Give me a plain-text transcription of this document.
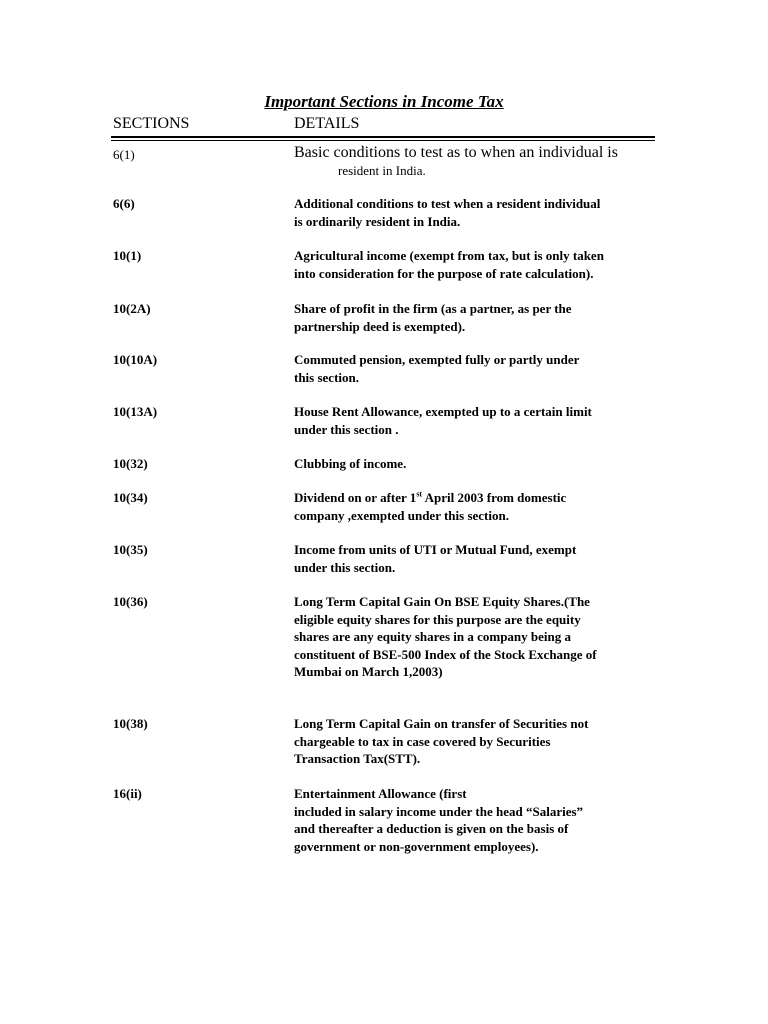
Important Sections in Income Tax
SECTIONS	DETAILS
6(1)	Basic conditions to test as to when an individual is
resident in India.
6(6)	Additional conditions to test when a resident individual
is ordinarily resident in India.
10(1)	Agricultural income (exempt from tax, but is only taken
into consideration for the purpose of rate calculation).
10(2A)	Share of profit in the firm (as a partner, as per the
partnership deed is exempted).
10(10A)	Commuted pension, exempted fully or partly under
this section.
10(13A)	House Rent Allowance, exempted up to a certain limit
under this section .
10(32)	Clubbing of income.
10(34)	Dividend on or after 1st April 2003 from domestic
company ,exempted under this section.
10(35)	Income from units of UTI or Mutual Fund, exempt
under this section.
10(36)	Long Term Capital Gain On BSE Equity Shares.(The
eligible equity shares for this purpose are the equity
shares are any equity shares in a company being a
constituent of BSE-500 Index of the Stock Exchange of
Mumbai on March 1,2003)
10(38)	Long Term Capital Gain on transfer of Securities not
chargeable to tax in case covered by Securities
Transaction Tax(STT).
16(ii)	Entertainment Allowance (first
included in salary income under the head “Salaries”
and thereafter a deduction is given on the basis of
government or non-government employees).
